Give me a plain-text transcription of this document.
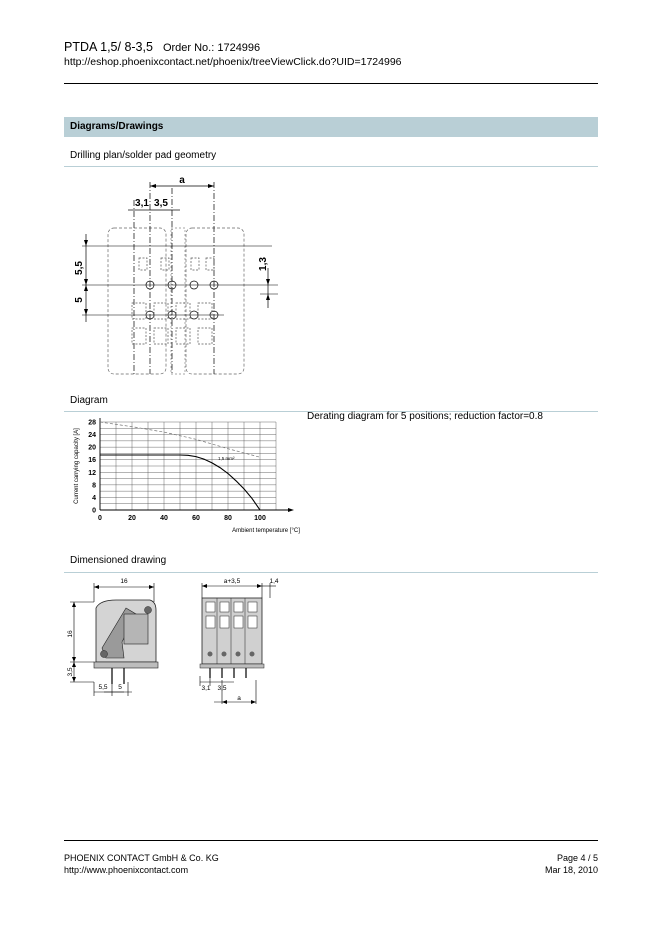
PTDA 1,5/ 8-3,5 Order No.: 1724996
http://eshop.phoenixcontact.net/phoenix/treeViewClick.do?UID=1724996
Diagrams/Drawings
Drilling plan/solder pad geometry
a
3,1 3,5
5,5
5
1,3
Diagram
Derating diagram for 5 positions; reduction factor=0.8
0	20	40	60	80	100
0
4
8
12
16
20
24
28
Current carrying capacity [A]
Ambient temperature [°C]
1,5 mm²
Dimensioned drawing
16
16
3,5
5,5 5
a+3,5	1,4
3,1 3,5
a
PHOENIX CONTACT GmbH & Co. KG
http://www.phoenixcontact.com
Page 4 / 5
Mar 18, 2010
